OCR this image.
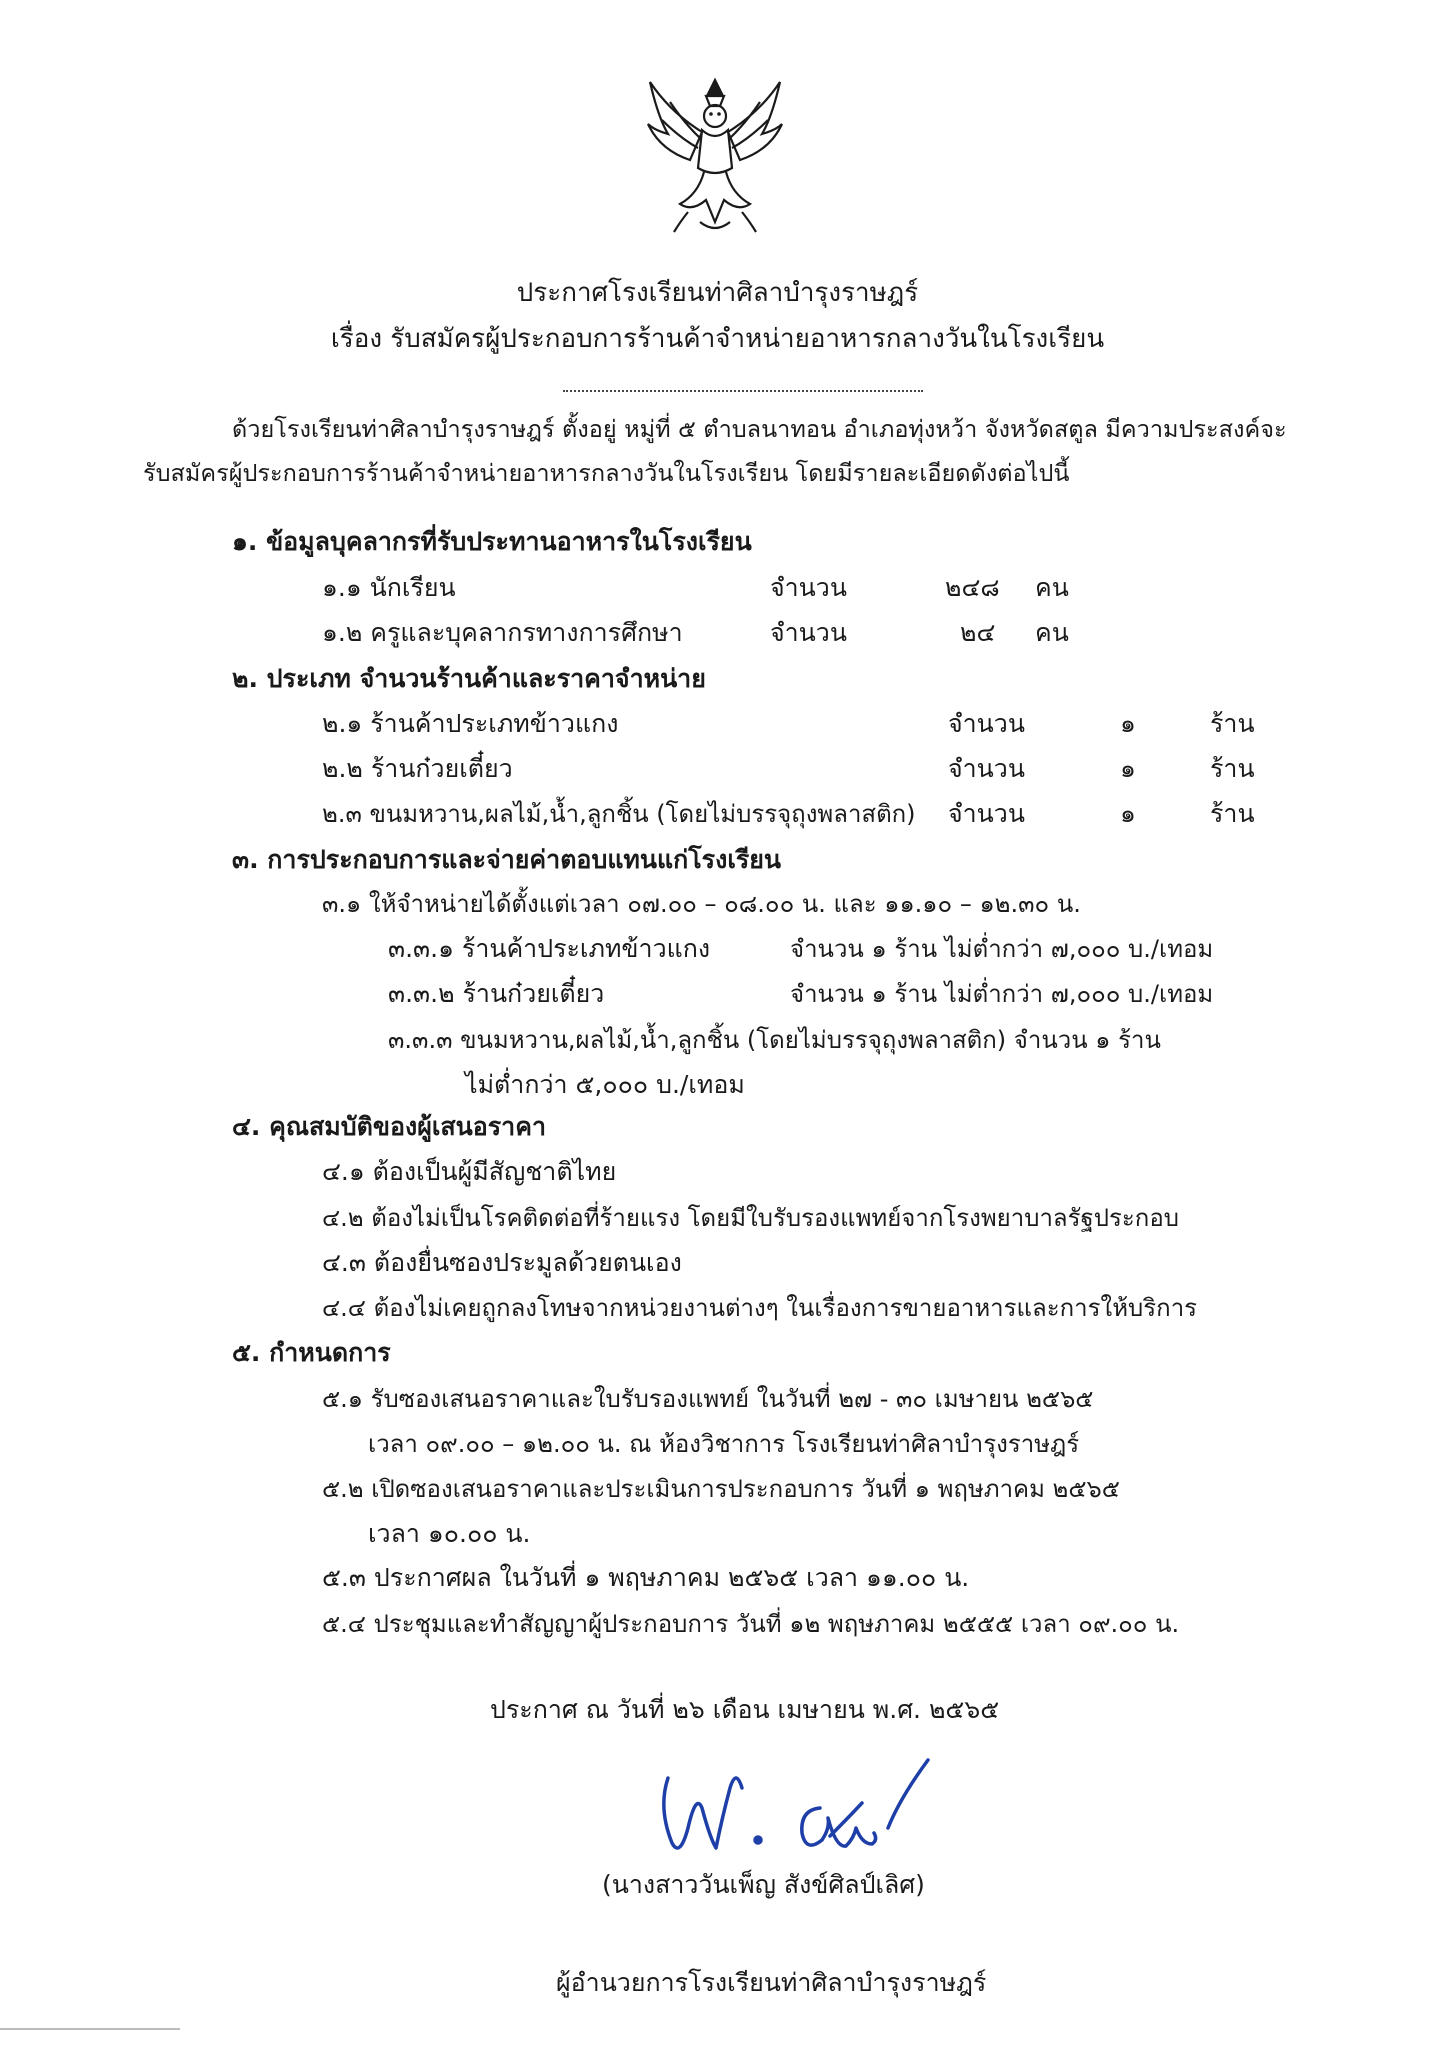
ประกาศโรงเรียนท่าศิลาบำรุงราษฎร์
เรื่อง รับสมัครผู้ประกอบการร้านค้าจำหน่ายอาหารกลางวันในโรงเรียน
ด้วยโรงเรียนท่าศิลาบำรุงราษฎร์ ตั้งอยู่ หมู่ที่ ๕ ตำบลนาทอน อำเภอทุ่งหว้า จังหวัดสตูล มีความประสงค์จะ
รับสมัครผู้ประกอบการร้านค้าจำหน่ายอาหารกลางวันในโรงเรียน โดยมีรายละเอียดดังต่อไปนี้
๑. ข้อมูลบุคลากรที่รับประทานอาหารในโรงเรียน
๑.๑ นักเรียน	จำนวน	๒๔๘ คน
๑.๒ ครูและบุคลากรทางการศึกษา	จำนวน	๒๔ คน
๒. ประเภท จำนวนร้านค้าและราคาจำหน่าย
๒.๑ ร้านค้าประเภทข้าวแกง	จำนวน	๑	ร้าน
๒.๒ ร้านก๋วยเตี๋ยว	จำนวน	๑	ร้าน
๒.๓ ขนมหวาน,ผลไม้,น้ำ,ลูกชิ้น (โดยไม่บรรจุถุงพลาสติก) จำนวน	๑	ร้าน
๓. การประกอบการและจ่ายค่าตอบแทนแก่โรงเรียน
๓.๑ ให้จำหน่ายได้ตั้งแต่เวลา ๐๗.๐๐ – ๐๘.๐๐ น. และ ๑๑.๑๐ – ๑๒.๓๐ น.
๓.๓.๑ ร้านค้าประเภทข้าวแกง	จำนวน ๑ ร้าน ไม่ต่ำกว่า ๗,๐๐๐ บ./เทอม
๓.๓.๒ ร้านก๋วยเตี๋ยว	จำนวน ๑ ร้าน ไม่ต่ำกว่า ๗,๐๐๐ บ./เทอม
๓.๓.๓ ขนมหวาน,ผลไม้,น้ำ,ลูกชิ้น (โดยไม่บรรจุถุงพลาสติก) จำนวน ๑ ร้าน
ไม่ต่ำกว่า ๕,๐๐๐ บ./เทอม
๔. คุณสมบัติของผู้เสนอราคา
๔.๑ ต้องเป็นผู้มีสัญชาติไทย
๔.๒ ต้องไม่เป็นโรคติดต่อที่ร้ายแรง โดยมีใบรับรองแพทย์จากโรงพยาบาลรัฐประกอบ
๔.๓ ต้องยื่นซองประมูลด้วยตนเอง
๔.๔ ต้องไม่เคยถูกลงโทษจากหน่วยงานต่างๆ ในเรื่องการขายอาหารและการให้บริการ
๕. กำหนดการ
๕.๑ รับซองเสนอราคาและใบรับรองแพทย์ ในวันที่ ๒๗ - ๓๐ เมษายน ๒๕๖๕
เวลา ๐๙.๐๐ – ๑๒.๐๐ น. ณ ห้องวิชาการ โรงเรียนท่าศิลาบำรุงราษฎร์
๕.๒ เปิดซองเสนอราคาและประเมินการประกอบการ วันที่ ๑ พฤษภาคม ๒๕๖๕
เวลา ๑๐.๐๐ น.
๕.๓ ประกาศผล ในวันที่ ๑ พฤษภาคม ๒๕๖๕ เวลา ๑๑.๐๐ น.
๕.๔ ประชุมและทำสัญญาผู้ประกอบการ วันที่ ๑๒ พฤษภาคม ๒๕๕๕ เวลา ๐๙.๐๐ น.
ประกาศ ณ วันที่ ๒๖ เดือน เมษายน พ.ศ. ๒๕๖๕
(นางสาววันเพ็ญ สังข์ศิลป์เลิศ)
ผู้อำนวยการโรงเรียนท่าศิลาบำรุงราษฎร์
